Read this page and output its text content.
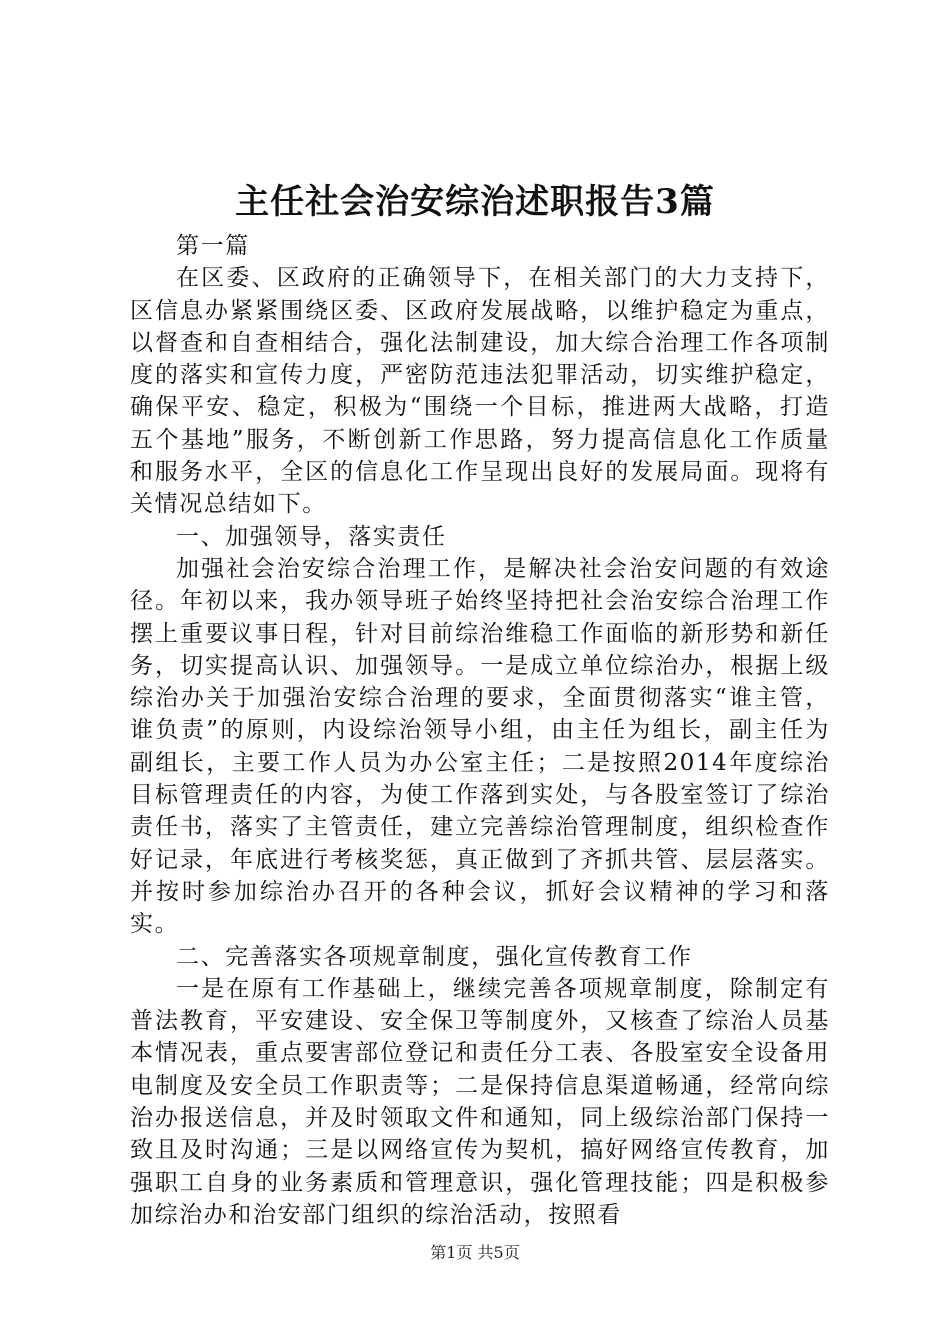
主任社会治安综治述职报告3篇

第一篇

在区委、区政府的正确领导下，在相关部门的大力支持下，区信息办紧紧围绕区委、区政府发展战略，以维护稳定为重点，以督查和自查相结合，强化法制建设，加大综合治理工作各项制度的落实和宣传力度，严密防范违法犯罪活动，切实维护稳定，确保平安、稳定，积极为“围绕一个目标，推进两大战略，打造五个基地”服务，不断创新工作思路，努力提高信息化工作质量和服务水平，全区的信息化工作呈现出良好的发展局面。现将有关情况总结如下。

一、加强领导，落实责任

加强社会治安综合治理工作，是解决社会治安问题的有效途径。年初以来，我办领导班子始终坚持把社会治安综合治理工作摆上重要议事日程，针对目前综治维稳工作面临的新形势和新任务，切实提高认识、加强领导。一是成立单位综治办，根据上级综治办关于加强治安综合治理的要求，全面贯彻落实“谁主管，谁负责”的原则，内设综治领导小组，由主任为组长，副主任为副组长，主要工作人员为办公室主任；二是按照2014年度综治目标管理责任的内容，为使工作落到实处，与各股室签订了综治责任书，落实了主管责任，建立完善综治管理制度，组织检查作好记录，年底进行考核奖惩，真正做到了齐抓共管、层层落实。并按时参加综治办召开的各种会议，抓好会议精神的学习和落实。

二、完善落实各项规章制度，强化宣传教育工作

一是在原有工作基础上，继续完善各项规章制度，除制定有普法教育，平安建设、安全保卫等制度外，又核查了综治人员基本情况表，重点要害部位登记和责任分工表、各股室安全设备用电制度及安全员工作职责等；二是保持信息渠道畅通，经常向综治办报送信息，并及时领取文件和通知，同上级综治部门保持一致且及时沟通；三是以网络宣传为契机，搞好网络宣传教育，加强职工自身的业务素质和管理意识，强化管理技能；四是积极参加综治办和治安部门组织的综治活动，按照看

第1页 共5页
